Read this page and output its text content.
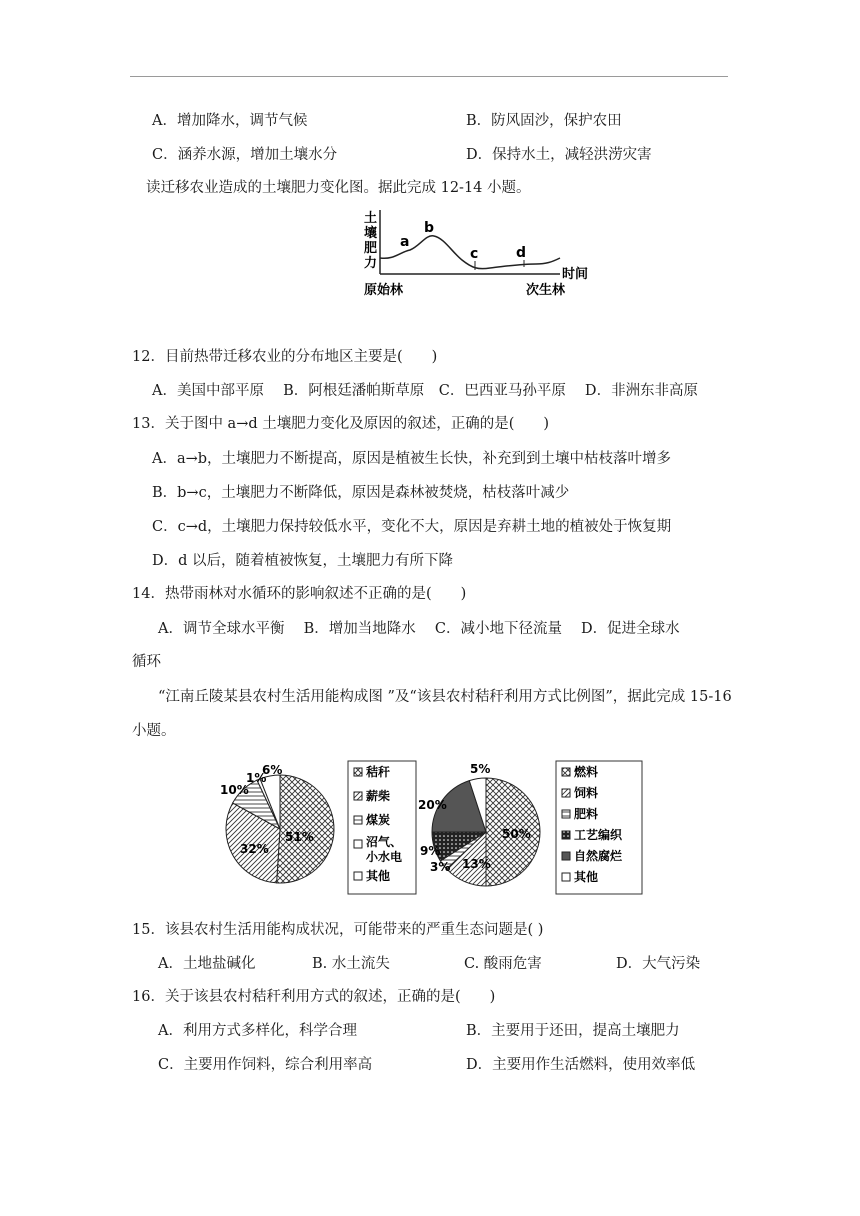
A．增加降水，调节气候	B．防风固沙，保护农田
C．涵养水源，增加土壤水分	D．保持水土，减轻洪涝灾害
读迁移农业造成的土壤肥力变化图。据此完成 12-14 小题。
土
壤
肥
力
时间
a
b
c	d
原始林	次生林
12．目前热带迁移农业的分布地区主要是(　　)
A．美国中部平原　 B．阿根廷潘帕斯草原　C．巴西亚马孙平原　 D．非洲东非高原
13．关于图中 a→d 土壤肥力变化及原因的叙述，正确的是(　　)
A．a→b，土壤肥力不断提高，原因是植被生长快，补充到到土壤中枯枝落叶增多
B．b→c，土壤肥力不断降低，原因是森林被焚烧，枯枝落叶减少
C．c→d，土壤肥力保持较低水平，变化不大，原因是弃耕土地的植被处于恢复期
D．d 以后，随着植被恢复，土壤肥力有所下降
14．热带雨林对水循环的影响叙述不正确的是(　　)
A．调节全球水平衡　 B．增加当地降水　 C．减小地下径流量　 D．促进全球水
循环
“江南丘陵某县农村生活用能构成图 ”及“该县农村秸秆利用方式比例图”，据此完成 15-16
小题。
51%
32%
10%
1%
6%	秸秆
薪柴
煤炭
沼气、
小水电
其他
50%
13%
3%
9%
20%
5%	燃料
饲料
肥料
工艺编织
自然腐烂
其他
15．该县农村生活用能构成状况，可能带来的严重生态问题是( )
A．土地盐碱化	B. 水土流失	C. 酸雨危害	D．大气污染
16．关于该县农村秸秆利用方式的叙述，正确的是(　　)
A．利用方式多样化，科学合理	B．主要用于还田，提高土壤肥力
C．主要用作饲料，综合利用率高	D．主要用作生活燃料，使用效率低
